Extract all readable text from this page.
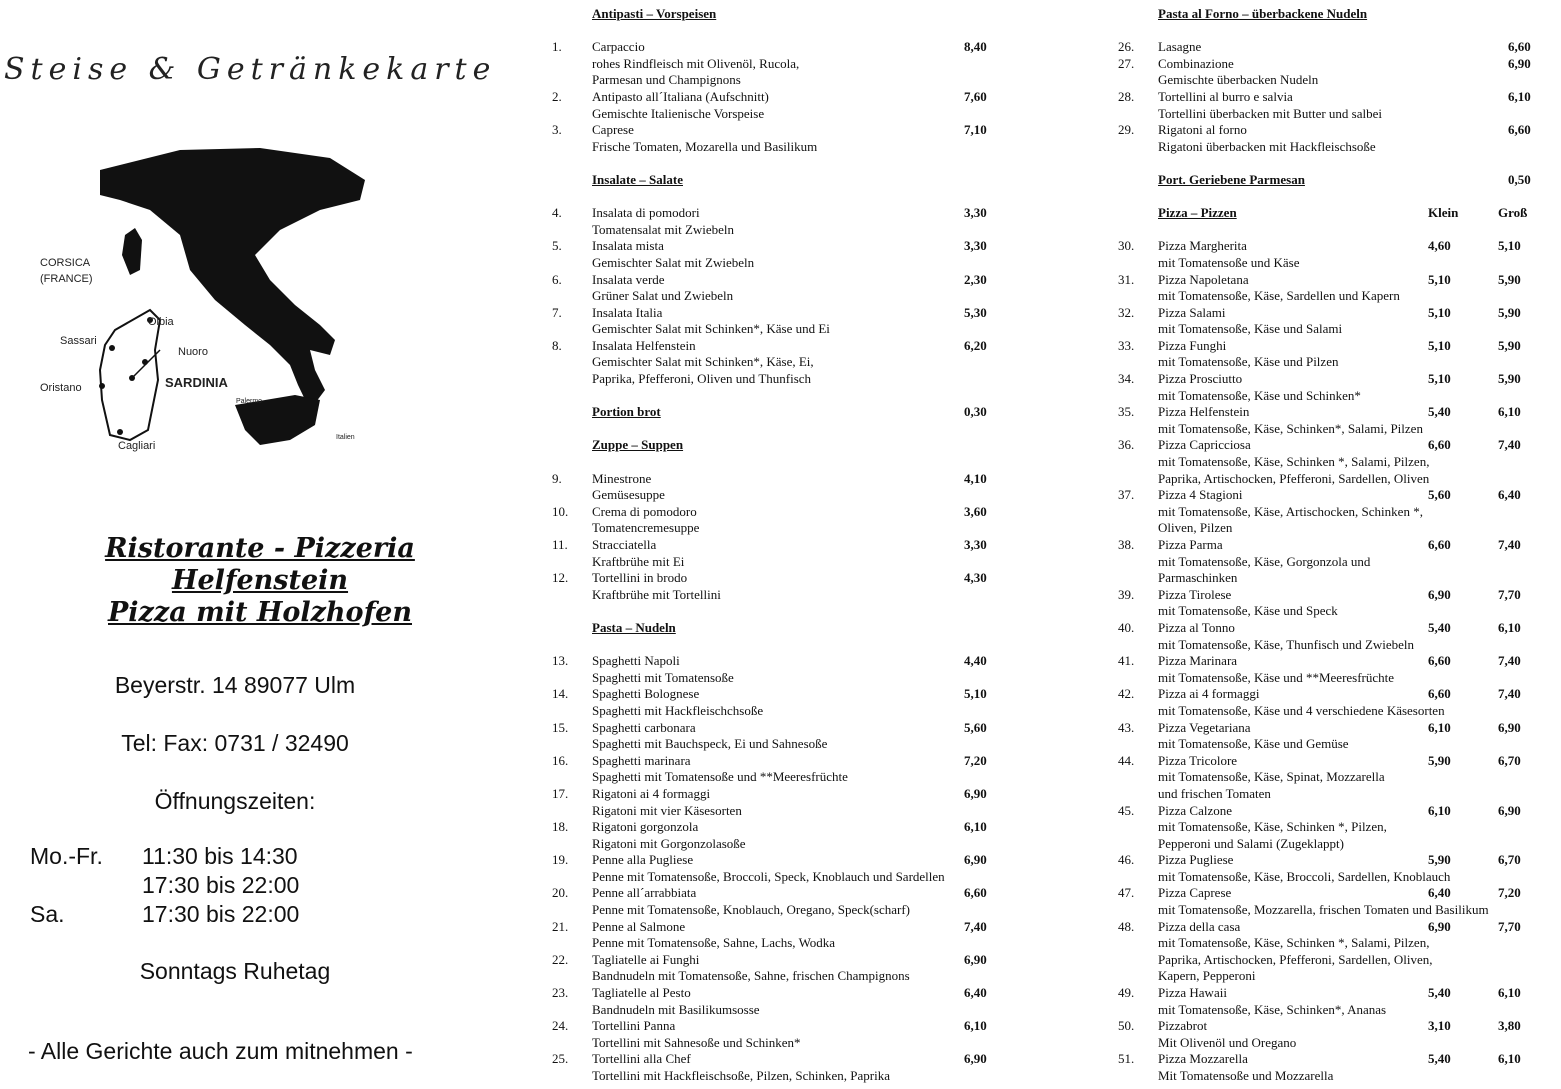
Steise & Getränkekarte
CORSICA
(FRANCE)
Sassari
Olbia
Nuoro
SARDINIA
Oristano
Cagliari
Palermo
Italien
Ristorante - Pizzeria
Helfenstein
Pizza mit Holzhofen
Beyerstr. 14 89077 Ulm
Tel: Fax: 0731 / 32490
Öffnungszeiten:
Mo.-Fr.	11:30 bis 14:30
17:30 bis 22:00
Sa.	17:30 bis 22:00
Sonntags Ruhetag
- Alle Gerichte auch zum mitnehmen -
Antipasti – Vorspeisen
1. Carpaccio	8,40
rohes Rindfleisch mit Olivenöl, Rucola,
Parmesan und Champignons
2. Antipasto all´Italiana (Aufschnitt)	7,60
Gemischte Italienische Vorspeise
3. Caprese	7,10
Frische Tomaten, Mozarella und Basilikum
Insalate – Salate
4. Insalata di pomodori	3,30
Tomatensalat mit Zwiebeln
5. Insalata mista	3,30
Gemischter Salat mit Zwiebeln
6. Insalata verde	2,30
Grüner Salat und Zwiebeln
7. Insalata Italia	5,30
Gemischter Salat mit Schinken*, Käse und Ei
8. Insalata Helfenstein	6,20
Gemischter Salat mit Schinken*, Käse, Ei,
Paprika, Pfefferoni, Oliven und Thunfisch
Portion brot	0,30
Zuppe – Suppen
9. Minestrone	4,10
Gemüsesuppe
10. Crema di pomodoro	3,60
Tomatencremesuppe
11. Stracciatella	3,30
Kraftbrühe mit Ei
12. Tortellini in brodo	4,30
Kraftbrühe mit Tortellini
Pasta – Nudeln
13. Spaghetti Napoli	4,40
Spaghetti mit Tomatensoße
14. Spaghetti Bolognese	5,10
Spaghetti mit Hackfleischchsoße
15. Spaghetti carbonara	5,60
Spaghetti mit Bauchspeck, Ei und Sahnesoße
16. Spaghetti marinara	7,20
Spaghetti mit Tomatensoße und **Meeresfrüchte
17. Rigatoni ai 4 formaggi	6,90
Rigatoni mit vier Käsesorten
18. Rigatoni gorgonzola	6,10
Rigatoni mit Gorgonzolasoße
19. Penne alla Pugliese	6,90
Penne mit Tomatensoße, Broccoli, Speck, Knoblauch und Sardellen
20. Penne all´arrabbiata	6,60
Penne mit Tomatensoße, Knoblauch, Oregano, Speck(scharf)
21. Penne al Salmone	7,40
Penne mit Tomatensoße, Sahne, Lachs, Wodka
22. Tagliatelle ai Funghi	6,90
Bandnudeln mit Tomatensoße, Sahne, frischen Champignons
23. Tagliatelle al Pesto	6,40
Bandnudeln mit Basilikumsosse
24. Tortellini Panna	6,10
Tortellini mit Sahnesoße und Schinken*
25. Tortellini alla Chef	6,90
Tortellini mit Hackfleischsoße, Pilzen, Schinken, Paprika
Pasta al Forno – überbackene Nudeln
26. Lasagne	6,60
27. Combinazione	6,90
Gemischte überbacken Nudeln
28. Tortellini al burro e salvia	6,10
Tortellini überbacken mit Butter und salbei
29. Rigatoni al forno	6,60
Rigatoni überbacken mit Hackfleischsoße
Port. Geriebene Parmesan	0,50
Pizza – Pizzen	Klein	Groß
30. Pizza Margherita	4,60	5,10
mit Tomatensoße und Käse
31. Pizza Napoletana	5,10	5,90
mit Tomatensoße, Käse, Sardellen und Kapern
32. Pizza Salami	5,10	5,90
mit Tomatensoße, Käse und Salami
33. Pizza Funghi	5,10	5,90
mit Tomatensoße, Käse und Pilzen
34. Pizza Prosciutto	5,10	5,90
mit Tomatensoße, Käse und Schinken*
35. Pizza Helfenstein	5,40	6,10
mit Tomatensoße, Käse, Schinken*, Salami, Pilzen
36. Pizza Capricciosa	6,60	7,40
mit Tomatensoße, Käse, Schinken *, Salami, Pilzen,
Paprika, Artischocken, Pfefferoni, Sardellen, Oliven
37. Pizza 4 Stagioni	5,60	6,40
mit Tomatensoße, Käse, Artischocken, Schinken *,
Oliven, Pilzen
38. Pizza Parma	6,60	7,40
mit Tomatensoße, Käse, Gorgonzola und
Parmaschinken
39. Pizza Tirolese	6,90	7,70
mit Tomatensoße, Käse und Speck
40. Pizza al Tonno	5,40	6,10
mit Tomatensoße, Käse, Thunfisch und Zwiebeln
41. Pizza Marinara	6,60	7,40
mit Tomatensoße, Käse und **Meeresfrüchte
42. Pizza ai 4 formaggi	6,60	7,40
mit Tomatensoße, Käse und 4 verschiedene Käsesorten
43. Pizza Vegetariana	6,10	6,90
mit Tomatensoße, Käse und Gemüse
44. Pizza Tricolore	5,90	6,70
mit Tomatensoße, Käse, Spinat, Mozzarella
und frischen Tomaten
45. Pizza Calzone	6,10	6,90
mit Tomatensoße, Käse, Schinken *, Pilzen,
Pepperoni und Salami (Zugeklappt)
46. Pizza Pugliese	5,90	6,70
mit Tomatensoße, Käse, Broccoli, Sardellen, Knoblauch
47. Pizza Caprese	6,40	7,20
mit Tomatensoße, Mozzarella, frischen Tomaten und Basilikum
48. Pizza della casa	6,90	7,70
mit Tomatensoße, Käse, Schinken *, Salami, Pilzen,
Paprika, Artischocken, Pfefferoni, Sardellen, Oliven,
Kapern, Pepperoni
49. Pizza Hawaii	5,40	6,10
mit Tomatensoße, Käse, Schinken*, Ananas
50. Pizzabrot	3,10	3,80
Mit Olivenöl und Oregano
51. Pizza Mozzarella	5,40	6,10
Mit Tomatensoße und Mozzarella
